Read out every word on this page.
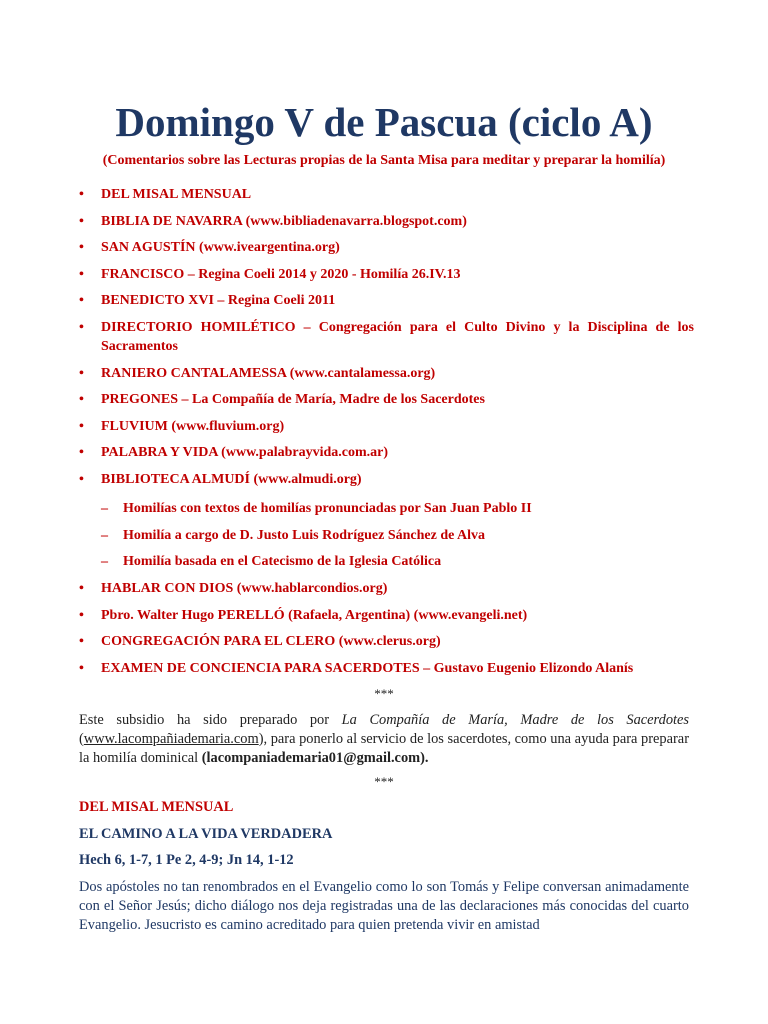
Domingo V de Pascua (ciclo A)
(Comentarios sobre las Lecturas propias de la Santa Misa para meditar y preparar la homilía)
• DEL MISAL MENSUAL
• BIBLIA DE NAVARRA (www.bibliadenavarra.blogspot.com)
• SAN AGUSTÍN (www.iveargentina.org)
• FRANCISCO – Regina Coeli 2014 y 2020 - Homilía 26.IV.13
• BENEDICTO XVI – Regina Coeli 2011
• DIRECTORIO HOMILÉTICO – Congregación para el Culto Divino y la Disciplina de los Sacramentos
• RANIERO CANTALAMESSA (www.cantalamessa.org)
• PREGONES – La Compañía de María, Madre de los Sacerdotes
• FLUVIUM (www.fluvium.org)
• PALABRA Y VIDA (www.palabrayvida.com.ar)
• BIBLIOTECA ALMUDÍ (www.almudi.org)
– Homilías con textos de homilías pronunciadas por San Juan Pablo II
– Homilía a cargo de D. Justo Luis Rodríguez Sánchez de Alva
– Homilía basada en el Catecismo de la Iglesia Católica
• HABLAR CON DIOS (www.hablarcondios.org)
• Pbro. Walter Hugo PERELLÓ (Rafaela, Argentina) (www.evangeli.net)
• CONGREGACIÓN PARA EL CLERO (www.clerus.org)
• EXAMEN DE CONCIENCIA PARA SACERDOTES – Gustavo Eugenio Elizondo Alanís
***

Este subsidio ha sido preparado por La Compañía de María, Madre de los Sacerdotes (www.lacompañiademaria.com), para ponerlo al servicio de los sacerdotes, como una ayuda para preparar la homilía dominical (lacompaniademaria01@gmail.com).

***
DEL MISAL MENSUAL
EL CAMINO A LA VIDA VERDADERA
Hech 6, 1-7, 1 Pe 2, 4-9; Jn 14, 1-12

Dos apóstoles no tan renombrados en el Evangelio como lo son Tomás y Felipe conversan animadamente con el Señor Jesús; dicho diálogo nos deja registradas una de las declaraciones más conocidas del cuarto Evangelio. Jesucristo es camino acreditado para quien pretenda vivir en amistad
